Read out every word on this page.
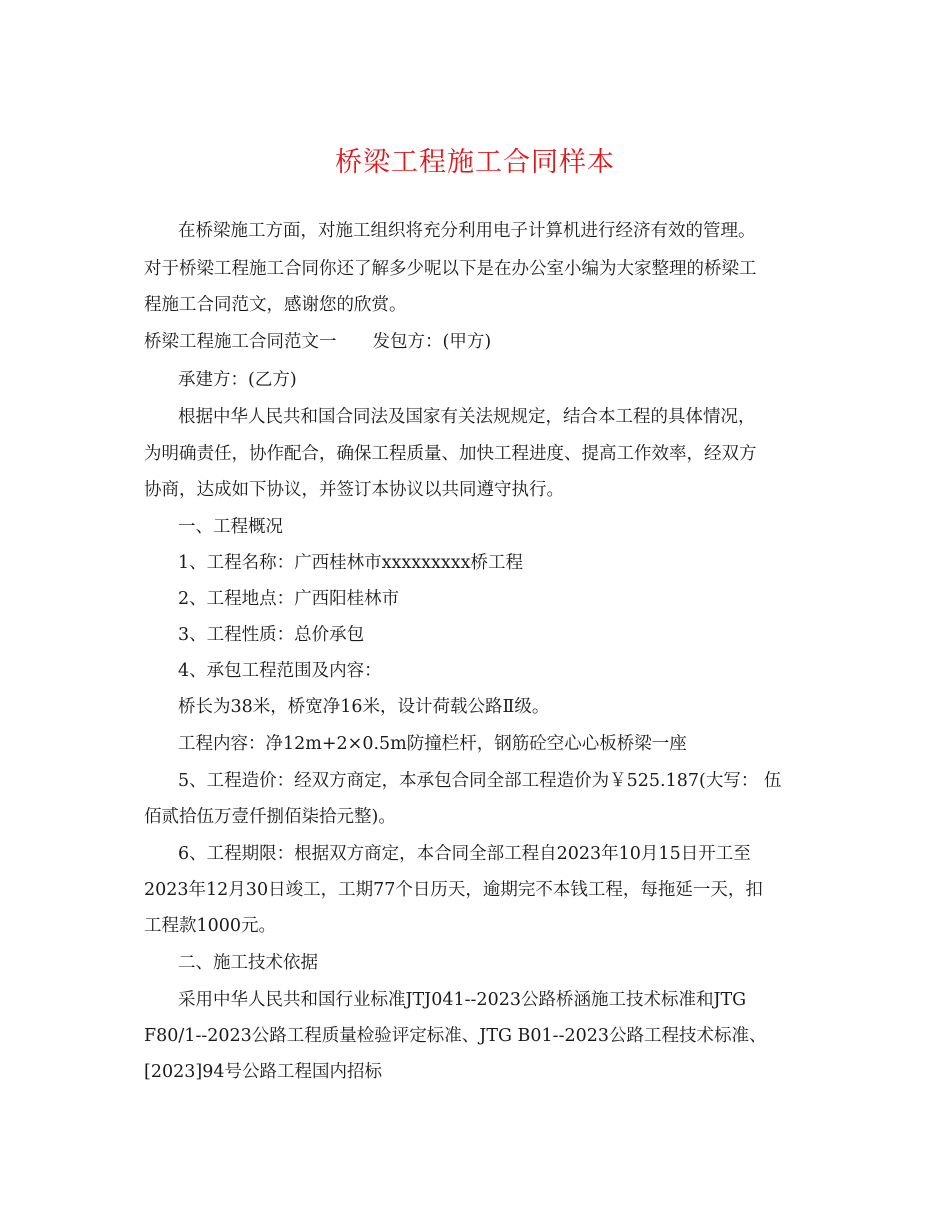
桥梁工程施工合同样本

在桥梁施工方面，对施工组织将充分利用电子计算机进行经济有效的管理。

对于桥梁工程施工合同你还了解多少呢以下是在办公室小编为大家整理的桥梁工

程施工合同范文，感谢您的欣赏。

桥梁工程施工合同范文一 发包方：(甲方)

承建方：(乙方)

根据中华人民共和国合同法及国家有关法规规定，结合本工程的具体情况，

为明确责任，协作配合，确保工程质量、加快工程进度、提高工作效率，经双方

协商，达成如下协议，并签订本协议以共同遵守执行。

一、工程概况

1、工程名称：广西桂林市xxxxxxxxx桥工程

2、工程地点：广西阳桂林市

3、工程性质：总价承包

4、承包工程范围及内容：

桥长为38米，桥宽净16米，设计荷载公路Ⅱ级。

工程内容：净12m+2×0.5m防撞栏杆，钢筋砼空心心板桥梁一座

5、工程造价：经双方商定，本承包合同全部工程造价为￥525.187(大写： 伍

佰贰拾伍万壹仟捌佰柒拾元整)。

6、工程期限：根据双方商定，本合同全部工程自2023年10月15日开工至

2023年12月30日竣工，工期77个日历天，逾期完不本钱工程，每拖延一天，扣

工程款1000元。

二、施工技术依据

采用中华人民共和国行业标准JTJ041--2023公路桥涵施工技术标准和JTG

F80/1--2023公路工程质量检验评定标准、JTG B01--2023公路工程技术标准、

[2023]94号公路工程国内招标
